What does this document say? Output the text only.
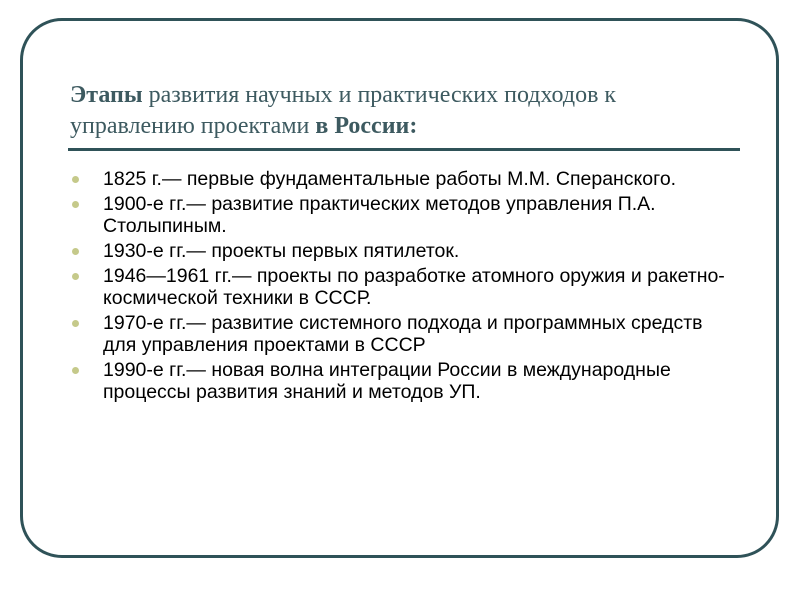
Этапы развития научных и практических подходов к управлению проектами в России:
1825 г.— первые фундаментальные работы М.М. Сперанского.
1900-е гг.— развитие практических методов управления П.А. Столыпиным.
1930-е гг.— проекты первых пятилеток.
1946—1961 гг.— проекты по разработке атомного оружия и ракетно-космической техники в СССР.
1970-е гг.— развитие системного подхода и программных средств для управления проектами в СССР
1990-е гг.— новая волна интеграции России в международные процессы развития знаний и методов УП.
